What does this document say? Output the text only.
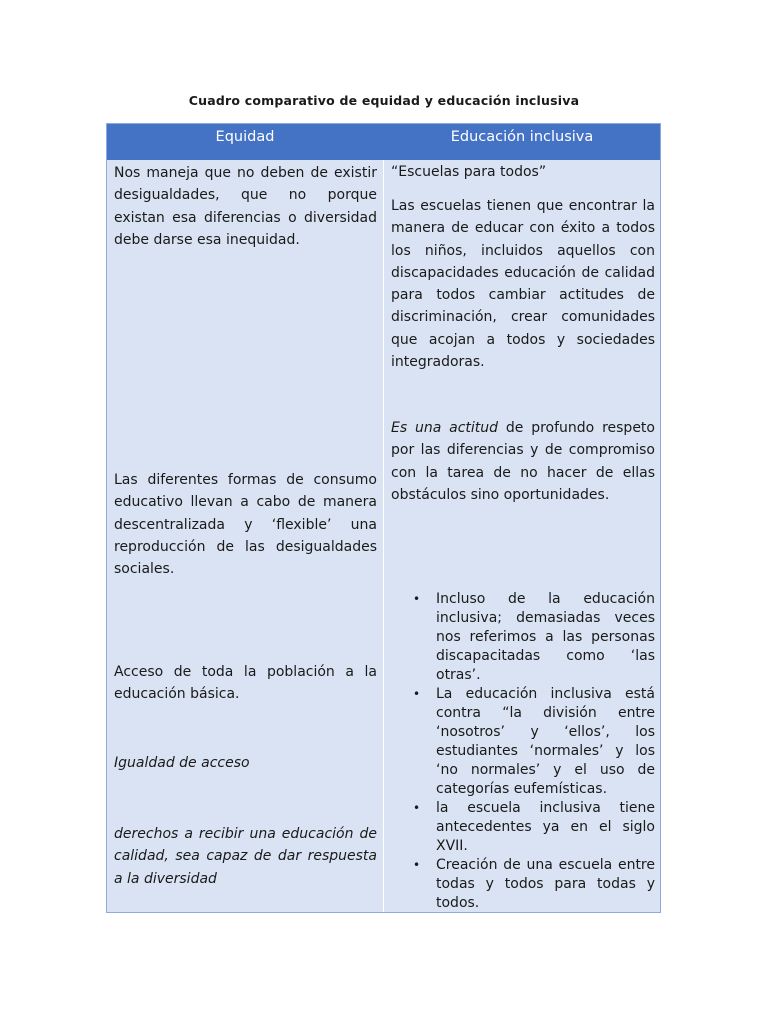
Cuadro comparativo de equidad y educación inclusiva
Equidad	Educación inclusiva
Nos maneja que no deben de existir desigualdades, que no porque existan esa diferencias o diversidad debe darse esa inequidad.
Las diferentes formas de consumo educativo llevan a cabo de manera descentralizada y ‘flexible’ una reproducción de las desigualdades sociales.
Acceso de toda la población a la educación básica.
Igualdad de acceso
derechos a recibir una educación de calidad, sea capaz de dar respuesta a la diversidad
“Escuelas para todos”
Las escuelas tienen que encontrar la manera de educar con éxito a todos los niños, incluidos aquellos con discapacidades educación de calidad para todos cambiar actitudes de discriminación, crear comunidades que acojan a todos y sociedades integradoras.
Es una actitud de profundo respeto por las diferencias y de compromiso con la tarea de no hacer de ellas obstáculos sino oportunidades.
• Incluso de la educación inclusiva; demasiadas veces nos referimos a las personas discapacitadas como ‘las otras’.
• La educación inclusiva está contra “la división entre ‘nosotros’ y ‘ellos’, los estudiantes ‘normales’ y los ‘no normales’ y el uso de categorías eufemísticas.
• la escuela inclusiva tiene antecedentes ya en el siglo XVII.
• Creación de una escuela entre todas y todos para todas y todos.
